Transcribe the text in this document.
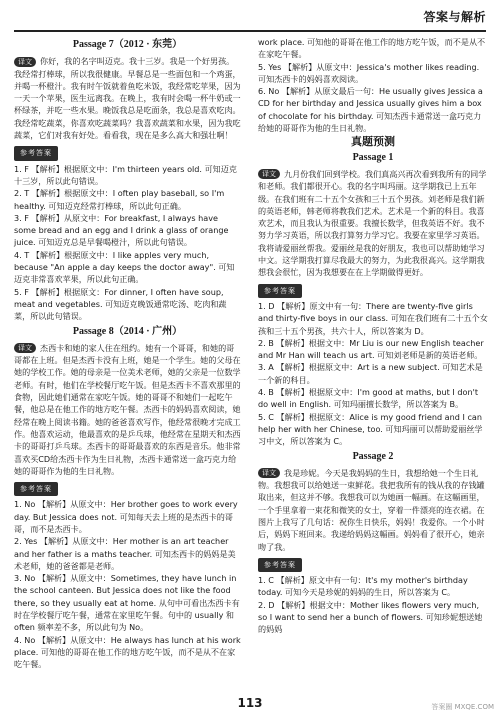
答案与解析
Passage 7（2012 · 东莞）

译文 你好，我的名字叫迈克。我十三岁。我是一个好男孩。我经常打棒球，所以我很健康。早餐总是一些面包和一个鸡蛋，并喝一杯橙汁。我有时午饭就着鱼吃米饭，我经常吃苹果，因为一天一个苹果，医生远离我。在晚上，我有时会喝一杯牛奶或一杯绿茶，并吃一些水果。晚饭我总是吃面条，我总是喜欢吃肉。我经常吃蔬菜，你喜欢吃蔬菜吗？我喜欢蔬菜和水果，因为我吃蔬菜，它们对我有好处。看看我，现在是多么高大和强壮啊！

参考答案

1. F 【解析】根据原文中：I'm thirteen years old. 可知迈克十三岁，所以此句错误。

2. T 【解析】根据原文中：I often play baseball, so I'm healthy. 可知迈克经常打棒球，所以此句正确。

3. F 【解析】从原文中：For breakfast, I always have some bread and an egg and I drink a glass of orange juice. 可知迈克总是早餐喝橙汁，所以此句错误。

4. T 【解析】根据原文中：I like apples very much, because "An apple a day keeps the doctor away". 可知迈克非常喜欢苹果，所以此句正确。

5. F 【解析】根据原文：For dinner, I often have soup, meat and vegetables. 可知迈克晚饭通常吃汤、吃肉和蔬菜，所以此句错误。

Passage 8（2014 · 广州）

译文 杰西卡和她的家人住在纽约。她有一个哥哥，和她的哥哥都在上班。但是杰西卡没有上班，她是一个学生。她的父母在她的学校工作。她的母亲是一位美术老师，她的父亲是一位数学老师。有时，他们在学校餐厅吃午饭。但是杰西卡不喜欢那里的食物，因此她们通常在家吃午饭。她的哥哥不和她们一起吃午餐，他总是在他工作的地方吃午餐。杰西卡的妈妈喜欢阅读，她经常在晚上阅读书籍。她的爸爸喜欢写作，他经常很晚才完成工作。他喜欢运动，他最喜欢的是乒乓球，他经常在星期天和杰西卡的哥哥打乒乓球。杰西卡的哥哥最喜欢的东西是音乐。他非常喜欢买CD给杰西卡作为生日礼物，杰西卡通常送一盒巧克力给她的哥哥作为他的生日礼物。

参考答案

1. No 【解析】从原文中：Her brother goes to work every day. But Jessica does not. 可知每天去上班的是杰西卡的哥哥，而不是杰西卡。

2. Yes 【解析】从原文中：Her mother is an art teacher and her father is a maths teacher. 可知杰西卡的妈妈是美术老师，她的爸爸都是老师。

3. No 【解析】从原文中：Sometimes, they have lunch in the school canteen. But Jessica does not like the food there, so they usually eat at home. 从句中可看出杰西卡有时在学校餐厅吃午餐，通常在家里吃午餐。句中的 usually 和 often 频率差不多，所以此句为 No。

4. No 【解析】从原文中：He always has lunch at his work place. 可知他的哥哥在他工作的地方吃午饭，而不是从不在家吃午餐。

work place. 可知他的哥哥在他工作的地方吃午饭，而不是从不在家吃午餐。

5. Yes 【解析】从原文中：Jessica's mother likes reading. 可知杰西卡的妈妈喜欢阅读。

6. No 【解析】从原文最后一句：He usually gives Jessica a CD for her birthday and Jessica usually gives him a box of chocolate for his birthday. 可知杰西卡通常送一盒巧克力给她的哥哥作为他的生日礼物。

真题预测
Passage 1

译文 九月份我们回到学校。我们真高兴再次看到我所有的同学和老师。我们都很开心。我的名字叫玛丽。这学期我已上五年级。在我们班有二十五个女孩和三十五个男孩。刘老师是我们新的英语老师，韩老师将教我们艺术。艺术是一个新的科目。我喜欢艺术，而且我认为很重要。我擅长数学，但我英语不好。我不努力学习英语，所以我打算努力学习它。我要在家里学习英语。我将请爱丽丝帮我。爱丽丝是我的好朋友，我也可以帮助她学习中文。这学期我打算尽我最大的努力，为此我很高兴。这学期我想我会很忙，因为我想要在在上学期做得更好。

参考答案

1. D 【解析】原文中有一句：There are twenty-five girls and thirty-five boys in our class. 可知在我们班有二十五个女孩和三十五个男孩，共六十人，所以答案为 D。

2. B 【解析】根据文中：Mr Liu is our new English teacher and Mr Han will teach us art. 可知刘老师是新的英语老师。

3. A 【解析】根据原文中：Art is a new subject. 可知艺术是一个新的科目。

4. B 【解析】根据原文中：I'm good at maths, but I don't do well in English. 可知玛丽擅长数学，所以答案为 B。

5. C 【解析】根据原文：Alice is my good friend and I can help her with her Chinese, too. 可知玛丽可以帮助爱丽丝学习中文，所以答案为 C。

Passage 2

译文 我是珍妮。今天是我妈妈的生日，我想给她一个生日礼物。我想我可以给她送一束鲜花。我把我所有的钱从我的存钱罐取出来，但这并不够。我想我可以为她画一幅画。在这幅画里，一个手里拿着一束花和微笑的女士，穿着一件漂亮的连衣裙。在图片上我写了几句话：祝你生日快乐，妈妈！我爱你。一个小时后，妈妈下班回来。我递给妈妈这幅画。妈妈看了很开心，她亲吻了我。

参考答案

1. C 【解析】原文中有一句：It's my mother's birthday today. 可知今天是珍妮的妈妈的生日，所以答案为 C。

2. D 【解析】根据文中：Mother likes flowers very much, so I want to send her a bunch of flowers. 可知珍妮想送她的妈妈

113	答案圈 MXQE.COM
